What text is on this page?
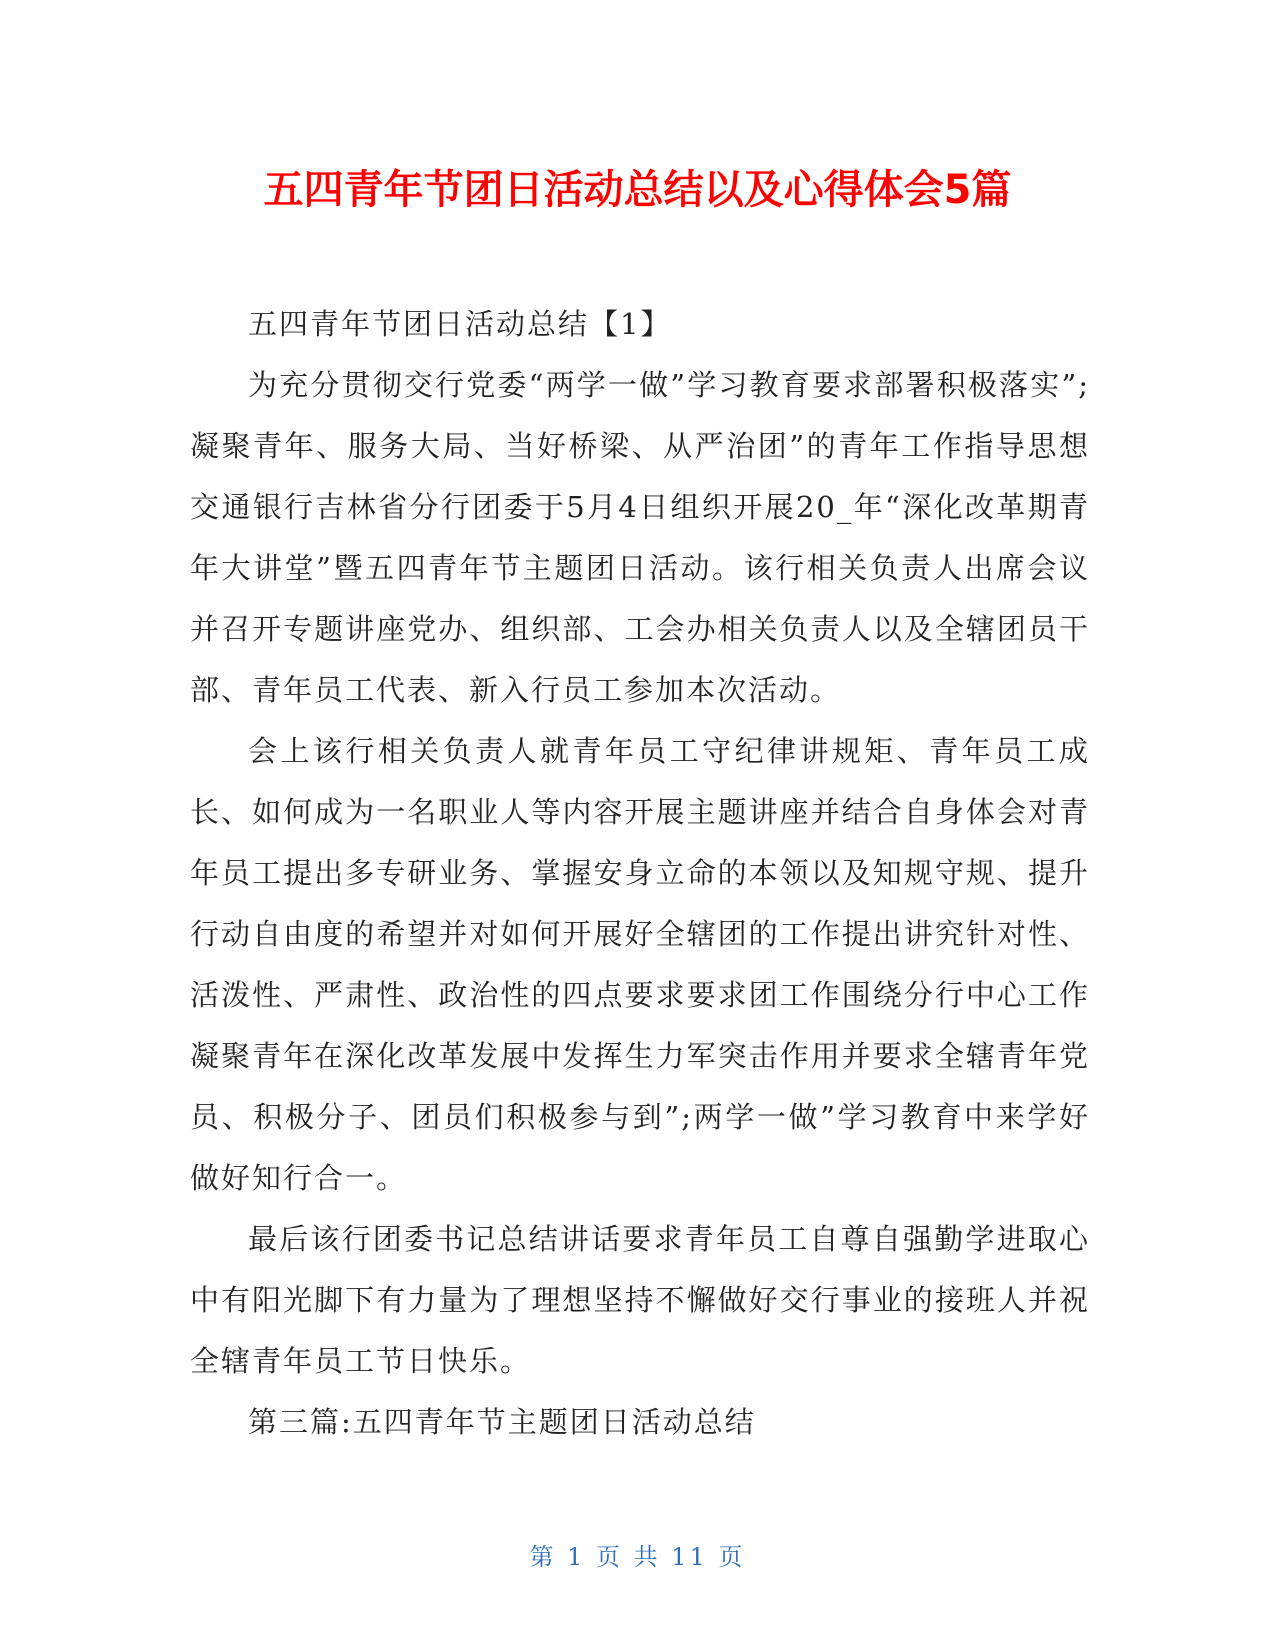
五四青年节团日活动总结以及心得体会5篇

五四青年节团日活动总结【1】

为充分贯彻交行党委“两学一做”学习教育要求部署积极落实”;凝聚青年、服务大局、当好桥梁、从严治团”的青年工作指导思想交通银行吉林省分行团委于5月4日组织开展20_年“深化改革期青年大讲堂”暨五四青年节主题团日活动。该行相关负责人出席会议并召开专题讲座党办、组织部、工会办相关负责人以及全辖团员干部、青年员工代表、新入行员工参加本次活动。

会上该行相关负责人就青年员工守纪律讲规矩、青年员工成长、如何成为一名职业人等内容开展主题讲座并结合自身体会对青年员工提出多专研业务、掌握安身立命的本领以及知规守规、提升行动自由度的希望并对如何开展好全辖团的工作提出讲究针对性、活泼性、严肃性、政治性的四点要求要求团工作围绕分行中心工作凝聚青年在深化改革发展中发挥生力军突击作用并要求全辖青年党员、积极分子、团员们积极参与到”;两学一做”学习教育中来学好做好知行合一。

最后该行团委书记总结讲话要求青年员工自尊自强勤学进取心中有阳光脚下有力量为了理想坚持不懈做好交行事业的接班人并祝全辖青年员工节日快乐。

第三篇:五四青年节主题团日活动总结

第 1 页 共 11 页
